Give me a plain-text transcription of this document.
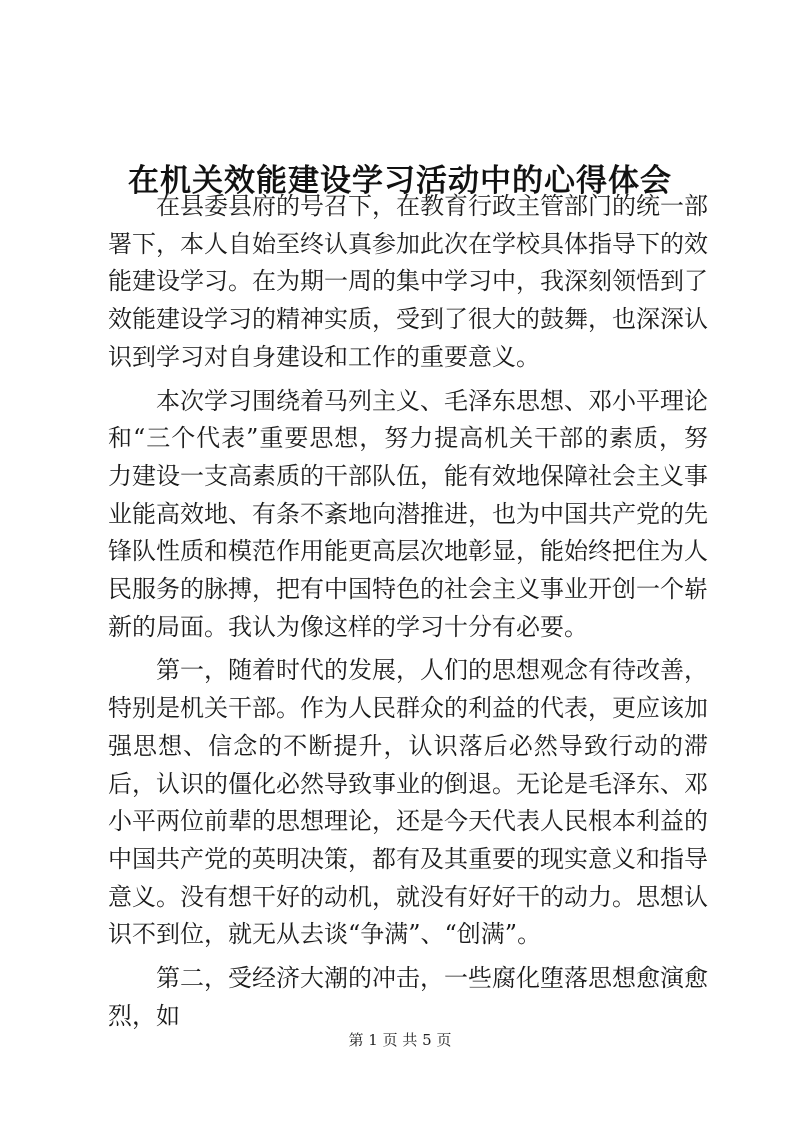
在机关效能建设学习活动中的心得体会

在县委县府的号召下，在教育行政主管部门的统一部署下，本人自始至终认真参加此次在学校具体指导下的效能建设学习。在为期一周的集中学习中，我深刻领悟到了效能建设学习的精神实质，受到了很大的鼓舞，也深深认识到学习对自身建设和工作的重要意义。

本次学习围绕着马列主义、毛泽东思想、邓小平理论和“三个代表”重要思想，努力提高机关干部的素质，努力建设一支高素质的干部队伍，能有效地保障社会主义事业能高效地、有条不紊地向潜推进，也为中国共产党的先锋队性质和模范作用能更高层次地彰显，能始终把住为人民服务的脉搏，把有中国特色的社会主义事业开创一个崭新的局面。我认为像这样的学习十分有必要。

第一，随着时代的发展，人们的思想观念有待改善，特别是机关干部。作为人民群众的利益的代表，更应该加强思想、信念的不断提升，认识落后必然导致行动的滞后，认识的僵化必然导致事业的倒退。无论是毛泽东、邓小平两位前辈的思想理论，还是今天代表人民根本利益的中国共产党的英明决策，都有及其重要的现实意义和指导意义。没有想干好的动机，就没有好好干的动力。思想认识不到位，就无从去谈“争满”、“创满”。

第二，受经济大潮的冲击，一些腐化堕落思想愈演愈烈，如

第 1 页 共 5 页
